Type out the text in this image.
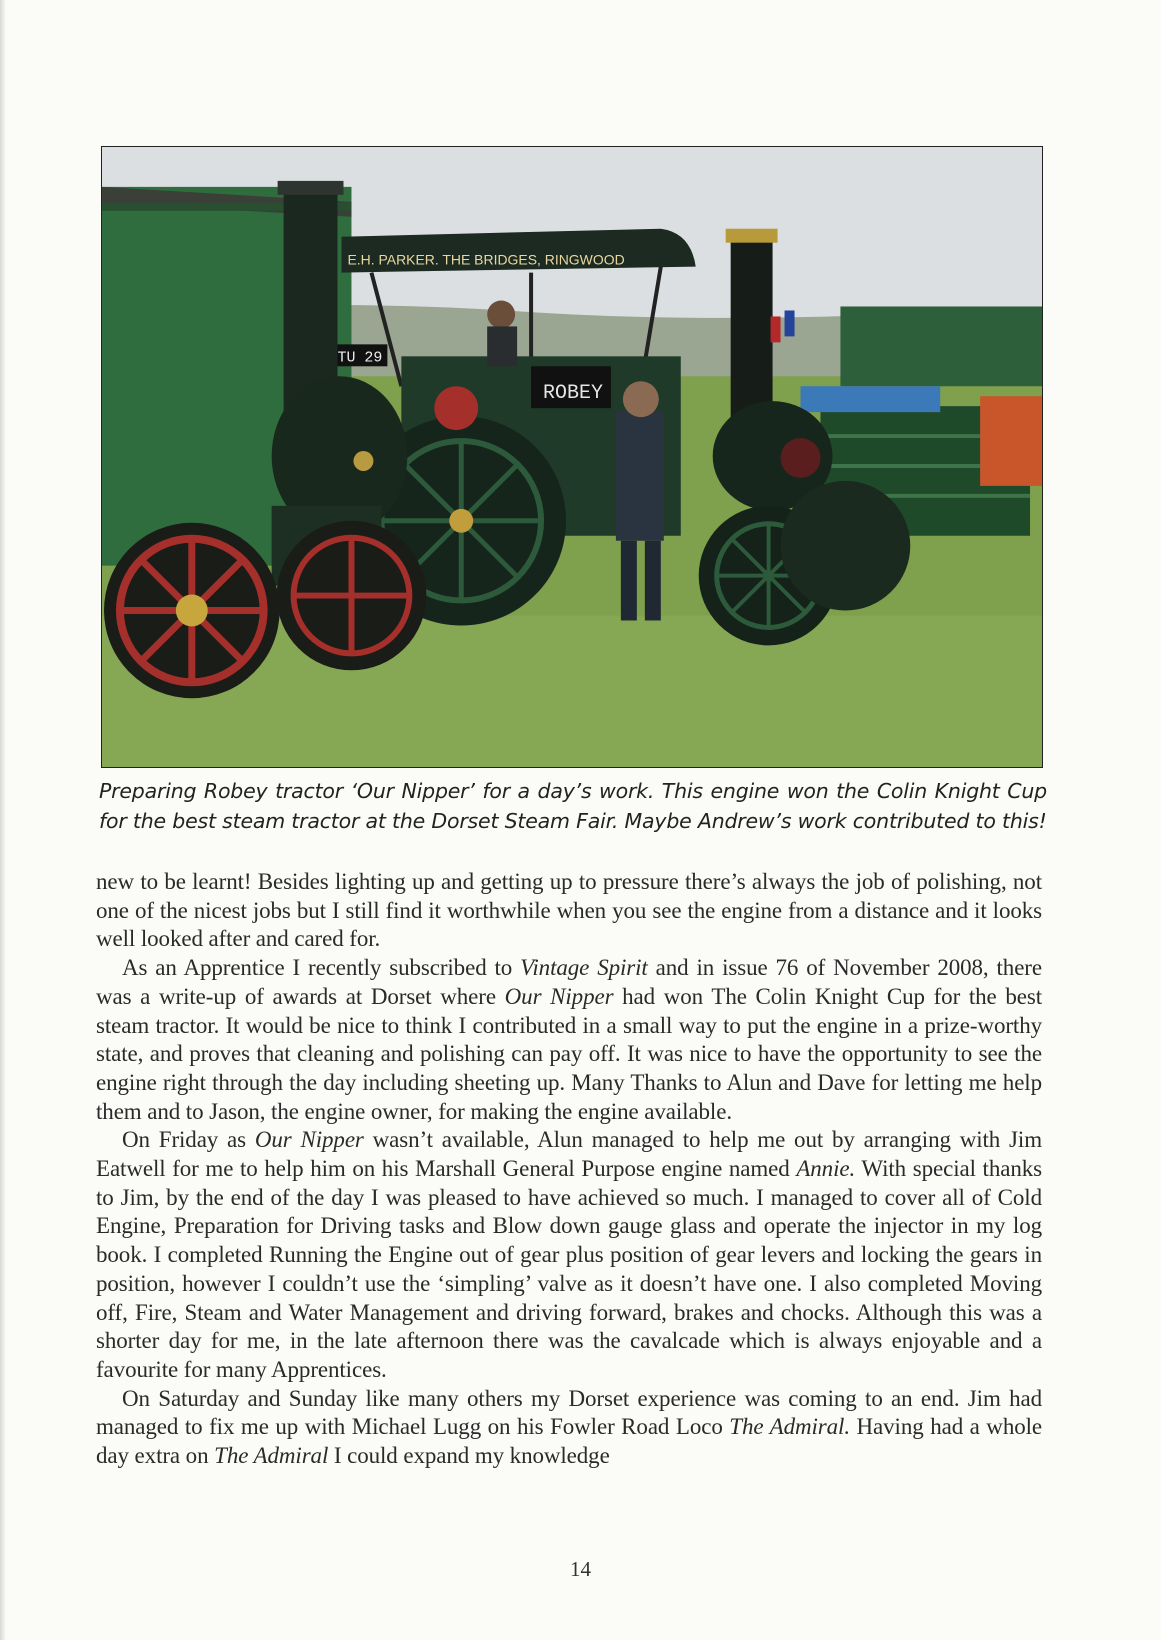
E.H. PARKER. THE BRIDGES, RINGWOOD
ROBEY
TU 29
Preparing Robey tractor ‘Our Nipper’ for a day’s work. This engine won the Colin Knight Cup for the best steam tractor at the Dorset Steam Fair. Maybe Andrew’s work contributed to this!

new to be learnt! Besides lighting up and getting up to pressure there’s always the job of polishing, not one of the nicest jobs but I still find it worthwhile when you see the engine from a distance and it looks well looked after and cared for.

As an Apprentice I recently subscribed to Vintage Spirit and in issue 76 of November 2008, there was a write-up of awards at Dorset where Our Nipper had won The Colin Knight Cup for the best steam tractor. It would be nice to think I contributed in a small way to put the engine in a prize-worthy state, and proves that cleaning and polishing can pay off. It was nice to have the opportunity to see the engine right through the day including sheeting up. Many Thanks to Alun and Dave for letting me help them and to Jason, the engine owner, for making the engine available.

On Friday as Our Nipper wasn’t available, Alun managed to help me out by arranging with Jim Eatwell for me to help him on his Marshall General Purpose engine named Annie. With special thanks to Jim, by the end of the day I was pleased to have achieved so much. I managed to cover all of Cold Engine, Preparation for Driving tasks and Blow down gauge glass and operate the injector in my log book. I completed Running the Engine out of gear plus position of gear levers and locking the gears in position, however I couldn’t use the ‘simpling’ valve as it doesn’t have one. I also completed Moving off, Fire, Steam and Water Management and driving forward, brakes and chocks. Although this was a shorter day for me, in the late afternoon there was the cavalcade which is always enjoyable and a favourite for many Apprentices.

On Saturday and Sunday like many others my Dorset experience was coming to an end. Jim had managed to fix me up with Michael Lugg on his Fowler Road Loco The Admiral. Having had a whole day extra on The Admiral I could expand my knowledge

14
